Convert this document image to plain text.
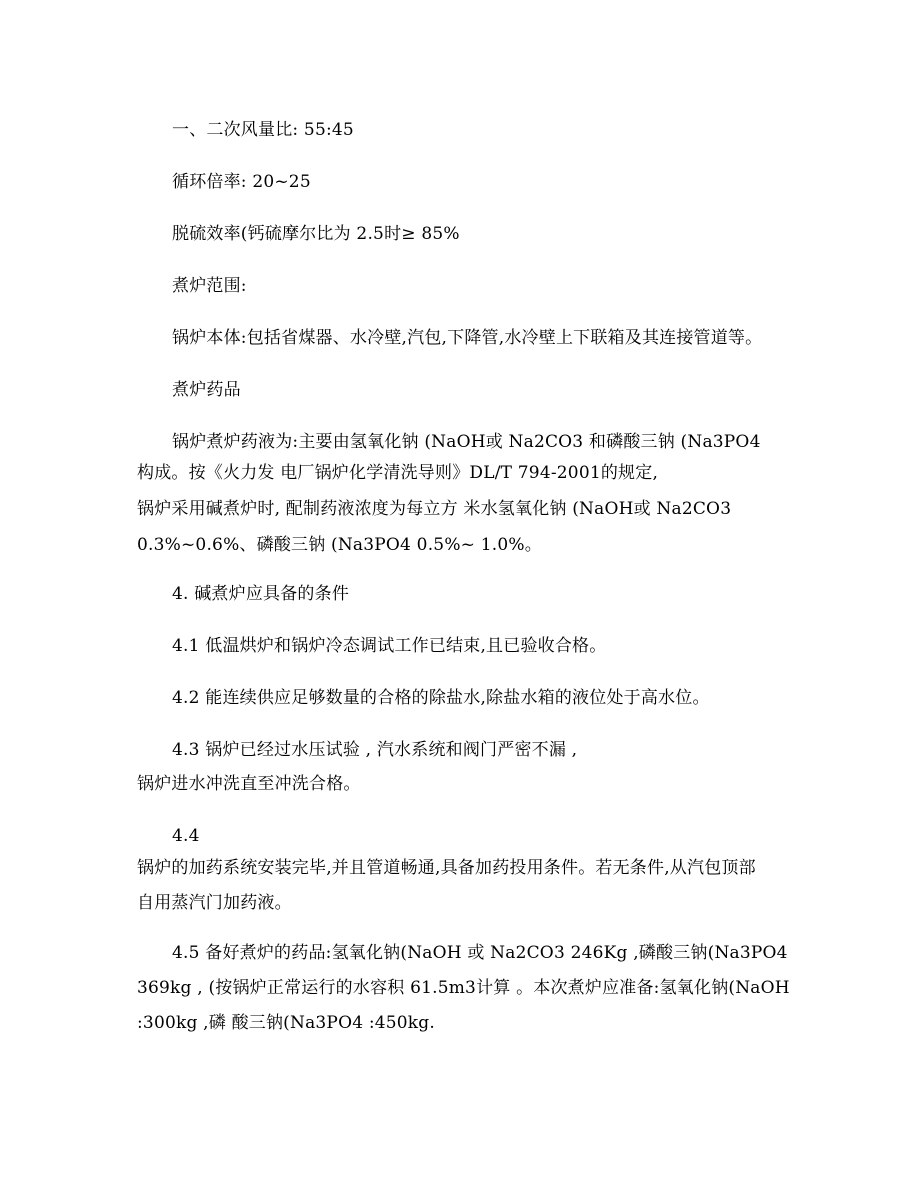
一、二次风量比: 55:45
循环倍率: 20~25
脱硫效率(钙硫摩尔比为 2.5时≥ 85%
煮炉范围:
锅炉本体:包括省煤器、水冷壁,汽包,下降管,水冷壁上下联箱及其连接管道等。
煮炉药品
锅炉煮炉药液为:主要由氢氧化钠 (NaOH或 Na2CO3 和磷酸三钠 (Na3PO4
构成。按《火力发 电厂锅炉化学清洗导则》DL/T 794-2001的规定,
锅炉采用碱煮炉时, 配制药液浓度为每立方 米水氢氧化钠 (NaOH或 Na2CO3
0.3%~0.6%、磷酸三钠 (Na3PO4 0.5%~ 1.0%。
4. 碱煮炉应具备的条件
4.1 低温烘炉和锅炉冷态调试工作已结束,且已验收合格。
4.2 能连续供应足够数量的合格的除盐水,除盐水箱的液位处于高水位。
4.3 锅炉已经过水压试验 , 汽水系统和阀门严密不漏 ,
锅炉进水冲洗直至冲洗合格。
4.4
锅炉的加药系统安装完毕,并且管道畅通,具备加药投用条件。若无条件,从汽包顶部
自用蒸汽门加药液。
4.5 备好煮炉的药品:氢氧化钠(NaOH 或 Na2CO3 246Kg ,磷酸三钠(Na3PO4
369kg , (按锅炉正常运行的水容积 61.5m3计算 。本次煮炉应准备:氢氧化钠(NaOH
:300kg ,磷 酸三钠(Na3PO4 :450kg.
